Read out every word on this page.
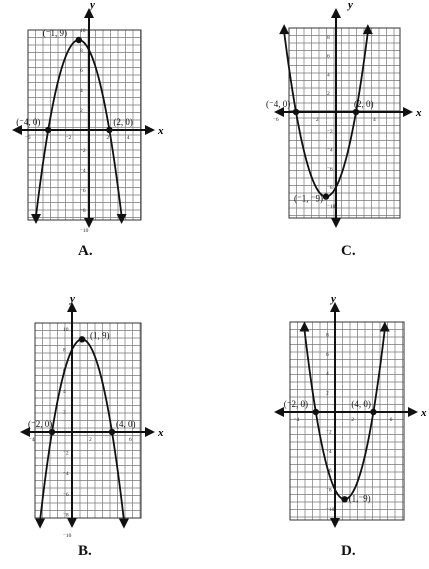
x
y
⁻6	⁻2	2	4
10
8
6
4
2
⁻2
⁻4
⁻6
⁻8
⁻10
(⁻1, 9)
(⁻4, 0)	(2, 0)
x
y
⁻6	⁻2	4
8
6
4
2
⁻2
⁻4
⁻6
⁻8
⁻10
(⁻4, 0)	(2, 0)
(⁻1, ⁻9)
x
y
⁻4	2	6
10
8
6
4
2
⁻2
⁻4
⁻6
⁻8
⁻10
(1, 9)
(⁻2, 0)	(4, 0)
x
y
⁻4	2	6
8
6
4
2
⁻2
⁻4
⁻6
⁻8
⁻10
(⁻2, 0)	(4, 0)
(1,⁻9)
A.	C.
B.	D.
